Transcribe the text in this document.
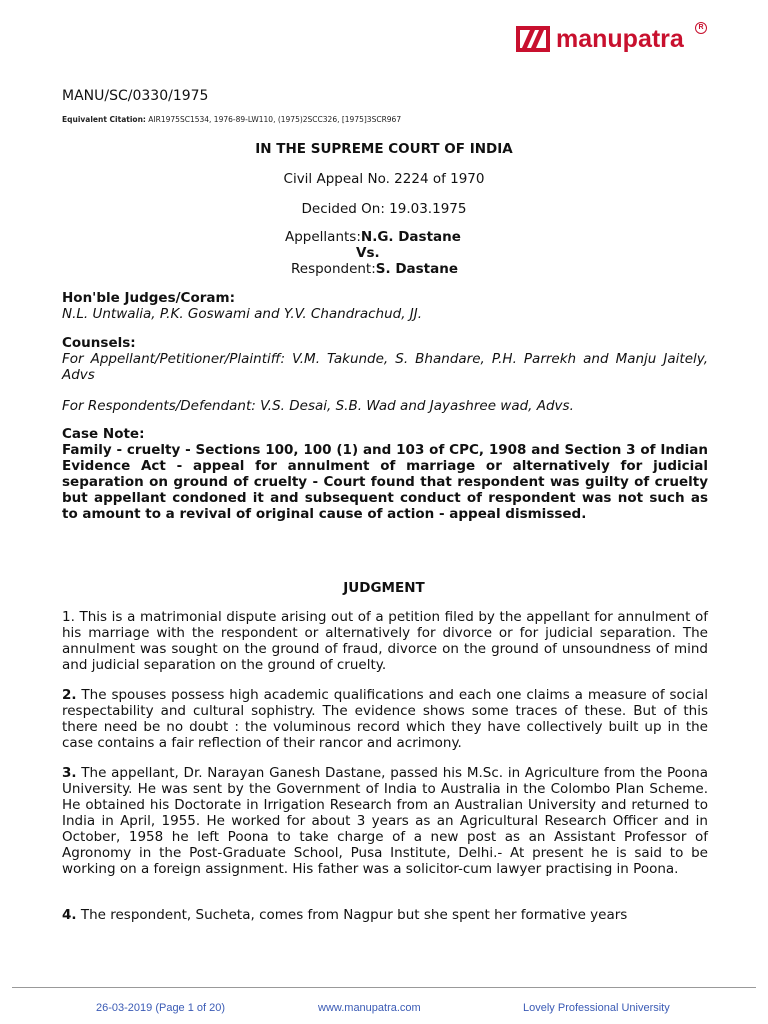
manupatra	R
MANU/SC/0330/1975
Equivalent Citation: AIR1975SC1534, 1976-89-LW110, (1975)2SCC326, [1975]3SCR967
IN THE SUPREME COURT OF INDIA
Civil Appeal No. 2224 of 1970
Decided On: 19.03.1975
Appellants:N.G. Dastane
Vs.
Respondent:S. Dastane
Hon'ble Judges/Coram:
N.L. Untwalia, P.K. Goswami and Y.V. Chandrachud, JJ.
Counsels:
For Appellant/Petitioner/Plaintiff: V.M. Takunde, S. Bhandare, P.H. Parrekh and Manju Jaitely, Advs
For Respondents/Defendant: V.S. Desai, S.B. Wad and Jayashree wad, Advs.
Case Note:
Family - cruelty - Sections 100, 100 (1) and 103 of CPC, 1908 and Section 3 of Indian Evidence Act - appeal for annulment of marriage or alternatively for judicial separation on ground of cruelty - Court found that respondent was guilty of cruelty but appellant condoned it and subsequent conduct of respondent was not such as to amount to a revival of original cause of action - appeal dismissed.
JUDGMENT
1. This is a matrimonial dispute arising out of a petition filed by the appellant for annulment of his marriage with the respondent or alternatively for divorce or for judicial separation. The annulment was sought on the ground of fraud, divorce on the ground of unsoundness of mind and judicial separation on the ground of cruelty.
2. The spouses possess high academic qualifications and each one claims a measure of social respectability and cultural sophistry. The evidence shows some traces of these. But of this there need be no doubt : the voluminous record which they have collectively built up in the case contains a fair reflection of their rancor and acrimony.
3. The appellant, Dr. Narayan Ganesh Dastane, passed his M.Sc. in Agriculture from the Poona University. He was sent by the Government of India to Australia in the Colombo Plan Scheme. He obtained his Doctorate in Irrigation Research from an Australian University and returned to India in April, 1955. He worked for about 3 years as an Agricultural Research Officer and in October, 1958 he left Poona to take charge of a new post as an Assistant Professor of Agronomy in the Post-Graduate School, Pusa Institute, Delhi.- At present he is said to be working on a foreign assignment. His father was a solicitor-cum lawyer practising in Poona.
4. The respondent, Sucheta, comes from Nagpur but she spent her formative years
26-03-2019 (Page 1 of 20)	www.manupatra.com	Lovely Professional University
